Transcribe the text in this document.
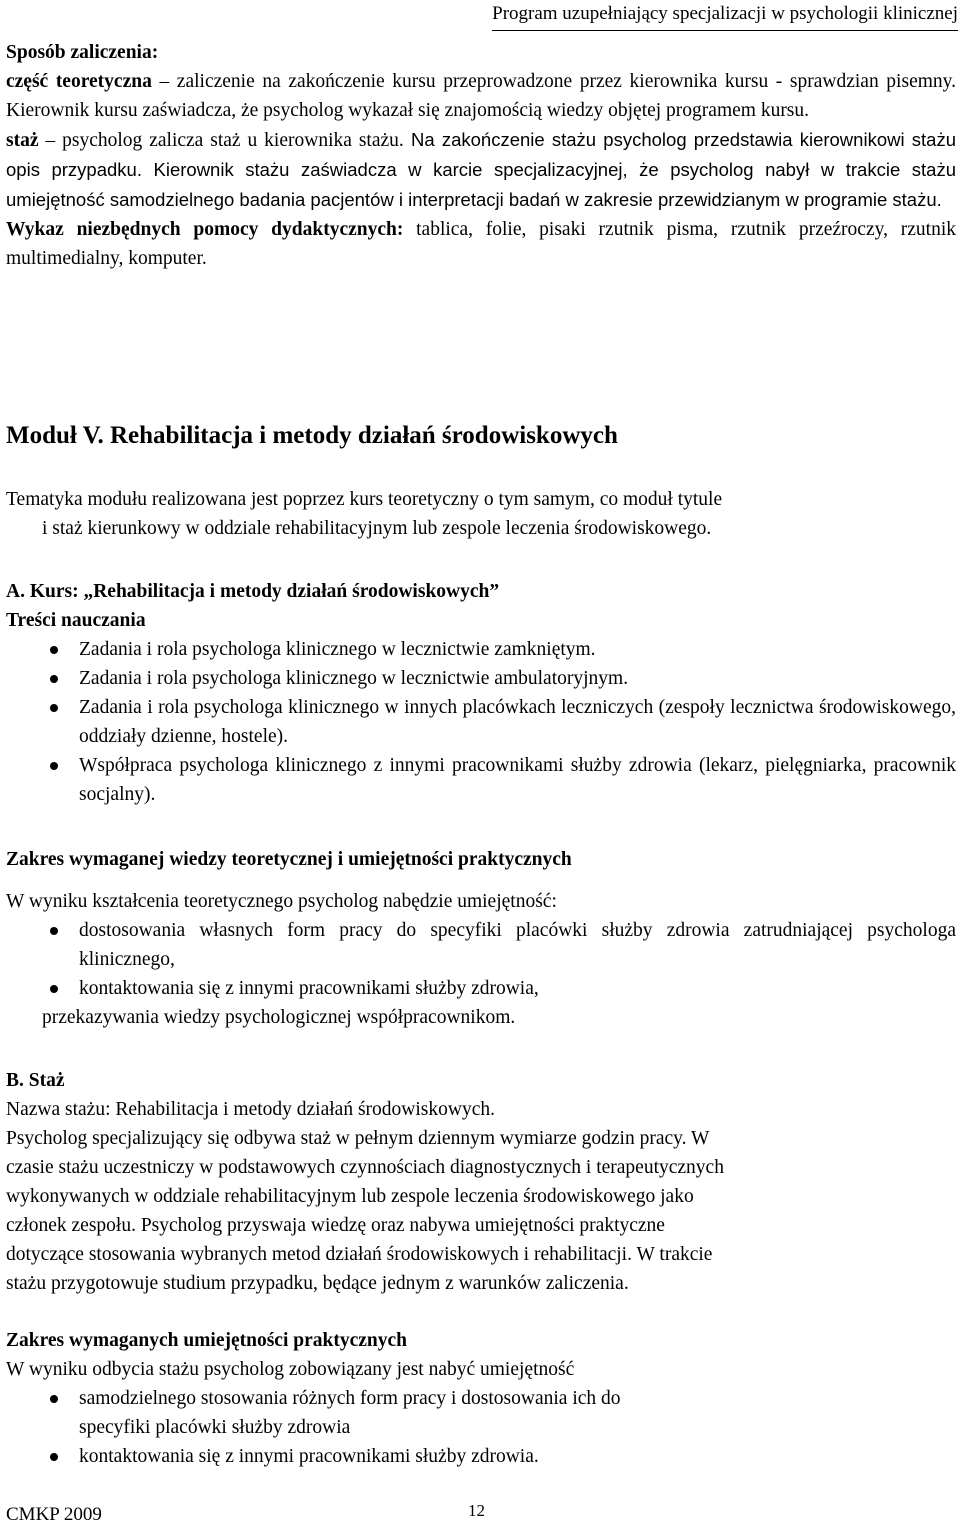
Program uzupełniający specjalizacji w psychologii klinicznej

Sposób zaliczenia:

część teoretyczna – zaliczenie na zakończenie kursu przeprowadzone przez kierownika kursu - sprawdzian pisemny. Kierownik kursu zaświadcza, że psycholog wykazał się znajomością wiedzy objętej programem kursu.

staż – psycholog zalicza staż u kierownika stażu. Na zakończenie stażu psycholog przedstawia kierownikowi stażu opis przypadku. Kierownik stażu zaświadcza w karcie specjalizacyjnej, że psycholog nabył w trakcie stażu umiejętność samodzielnego badania pacjentów i interpretacji badań w zakresie przewidzianym w programie stażu.

Wykaz niezbędnych pomocy dydaktycznych: tablica, folie, pisaki rzutnik pisma, rzutnik przeźroczy, rzutnik multimedialny, komputer.

Moduł V. Rehabilitacja i metody działań środowiskowych

Tematyka modułu realizowana jest poprzez kurs teoretyczny o tym samym, co moduł tytule

i staż kierunkowy w oddziale rehabilitacyjnym lub zespole leczenia środowiskowego.

A. Kurs: „Rehabilitacja i metody działań środowiskowych”

Treści nauczania

Zadania i rola psychologa klinicznego w lecznictwie zamkniętym.
Zadania i rola psychologa klinicznego w lecznictwie ambulatoryjnym.
Zadania i rola psychologa klinicznego w innych placówkach leczniczych (zespoły lecznictwa środowiskowego, oddziały dzienne, hostele).
Współpraca psychologa klinicznego z innymi pracownikami służby zdrowia (lekarz, pielęgniarka, pracownik socjalny).

Zakres wymaganej wiedzy teoretycznej i umiejętności praktycznych

W wyniku kształcenia teoretycznego psycholog nabędzie umiejętność:

dostosowania własnych form pracy do specyfiki placówki służby zdrowia zatrudniającej psychologa klinicznego,
kontaktowania się z innymi pracownikami służby zdrowia,

przekazywania wiedzy psychologicznej współpracownikom.

B. Staż

Nazwa stażu: Rehabilitacja i metody działań środowiskowych.

Psycholog specjalizujący się odbywa staż w pełnym dziennym wymiarze godzin pracy. W

czasie stażu uczestniczy w podstawowych czynnościach diagnostycznych i terapeutycznych

wykonywanych w oddziale rehabilitacyjnym lub zespole leczenia środowiskowego jako

członek zespołu. Psycholog przyswaja wiedzę oraz nabywa umiejętności praktyczne

dotyczące stosowania wybranych metod działań środowiskowych i rehabilitacji. W trakcie

stażu przygotowuje studium przypadku, będące jednym z warunków zaliczenia.

Zakres wymaganych umiejętności praktycznych

W wyniku odbycia stażu psycholog zobowiązany jest nabyć umiejętność

samodzielnego stosowania różnych form pracy i dostosowania ich do specyfiki placówki służby zdrowia
kontaktowania się z innymi pracownikami służby zdrowia.
CMKP 2009	12
